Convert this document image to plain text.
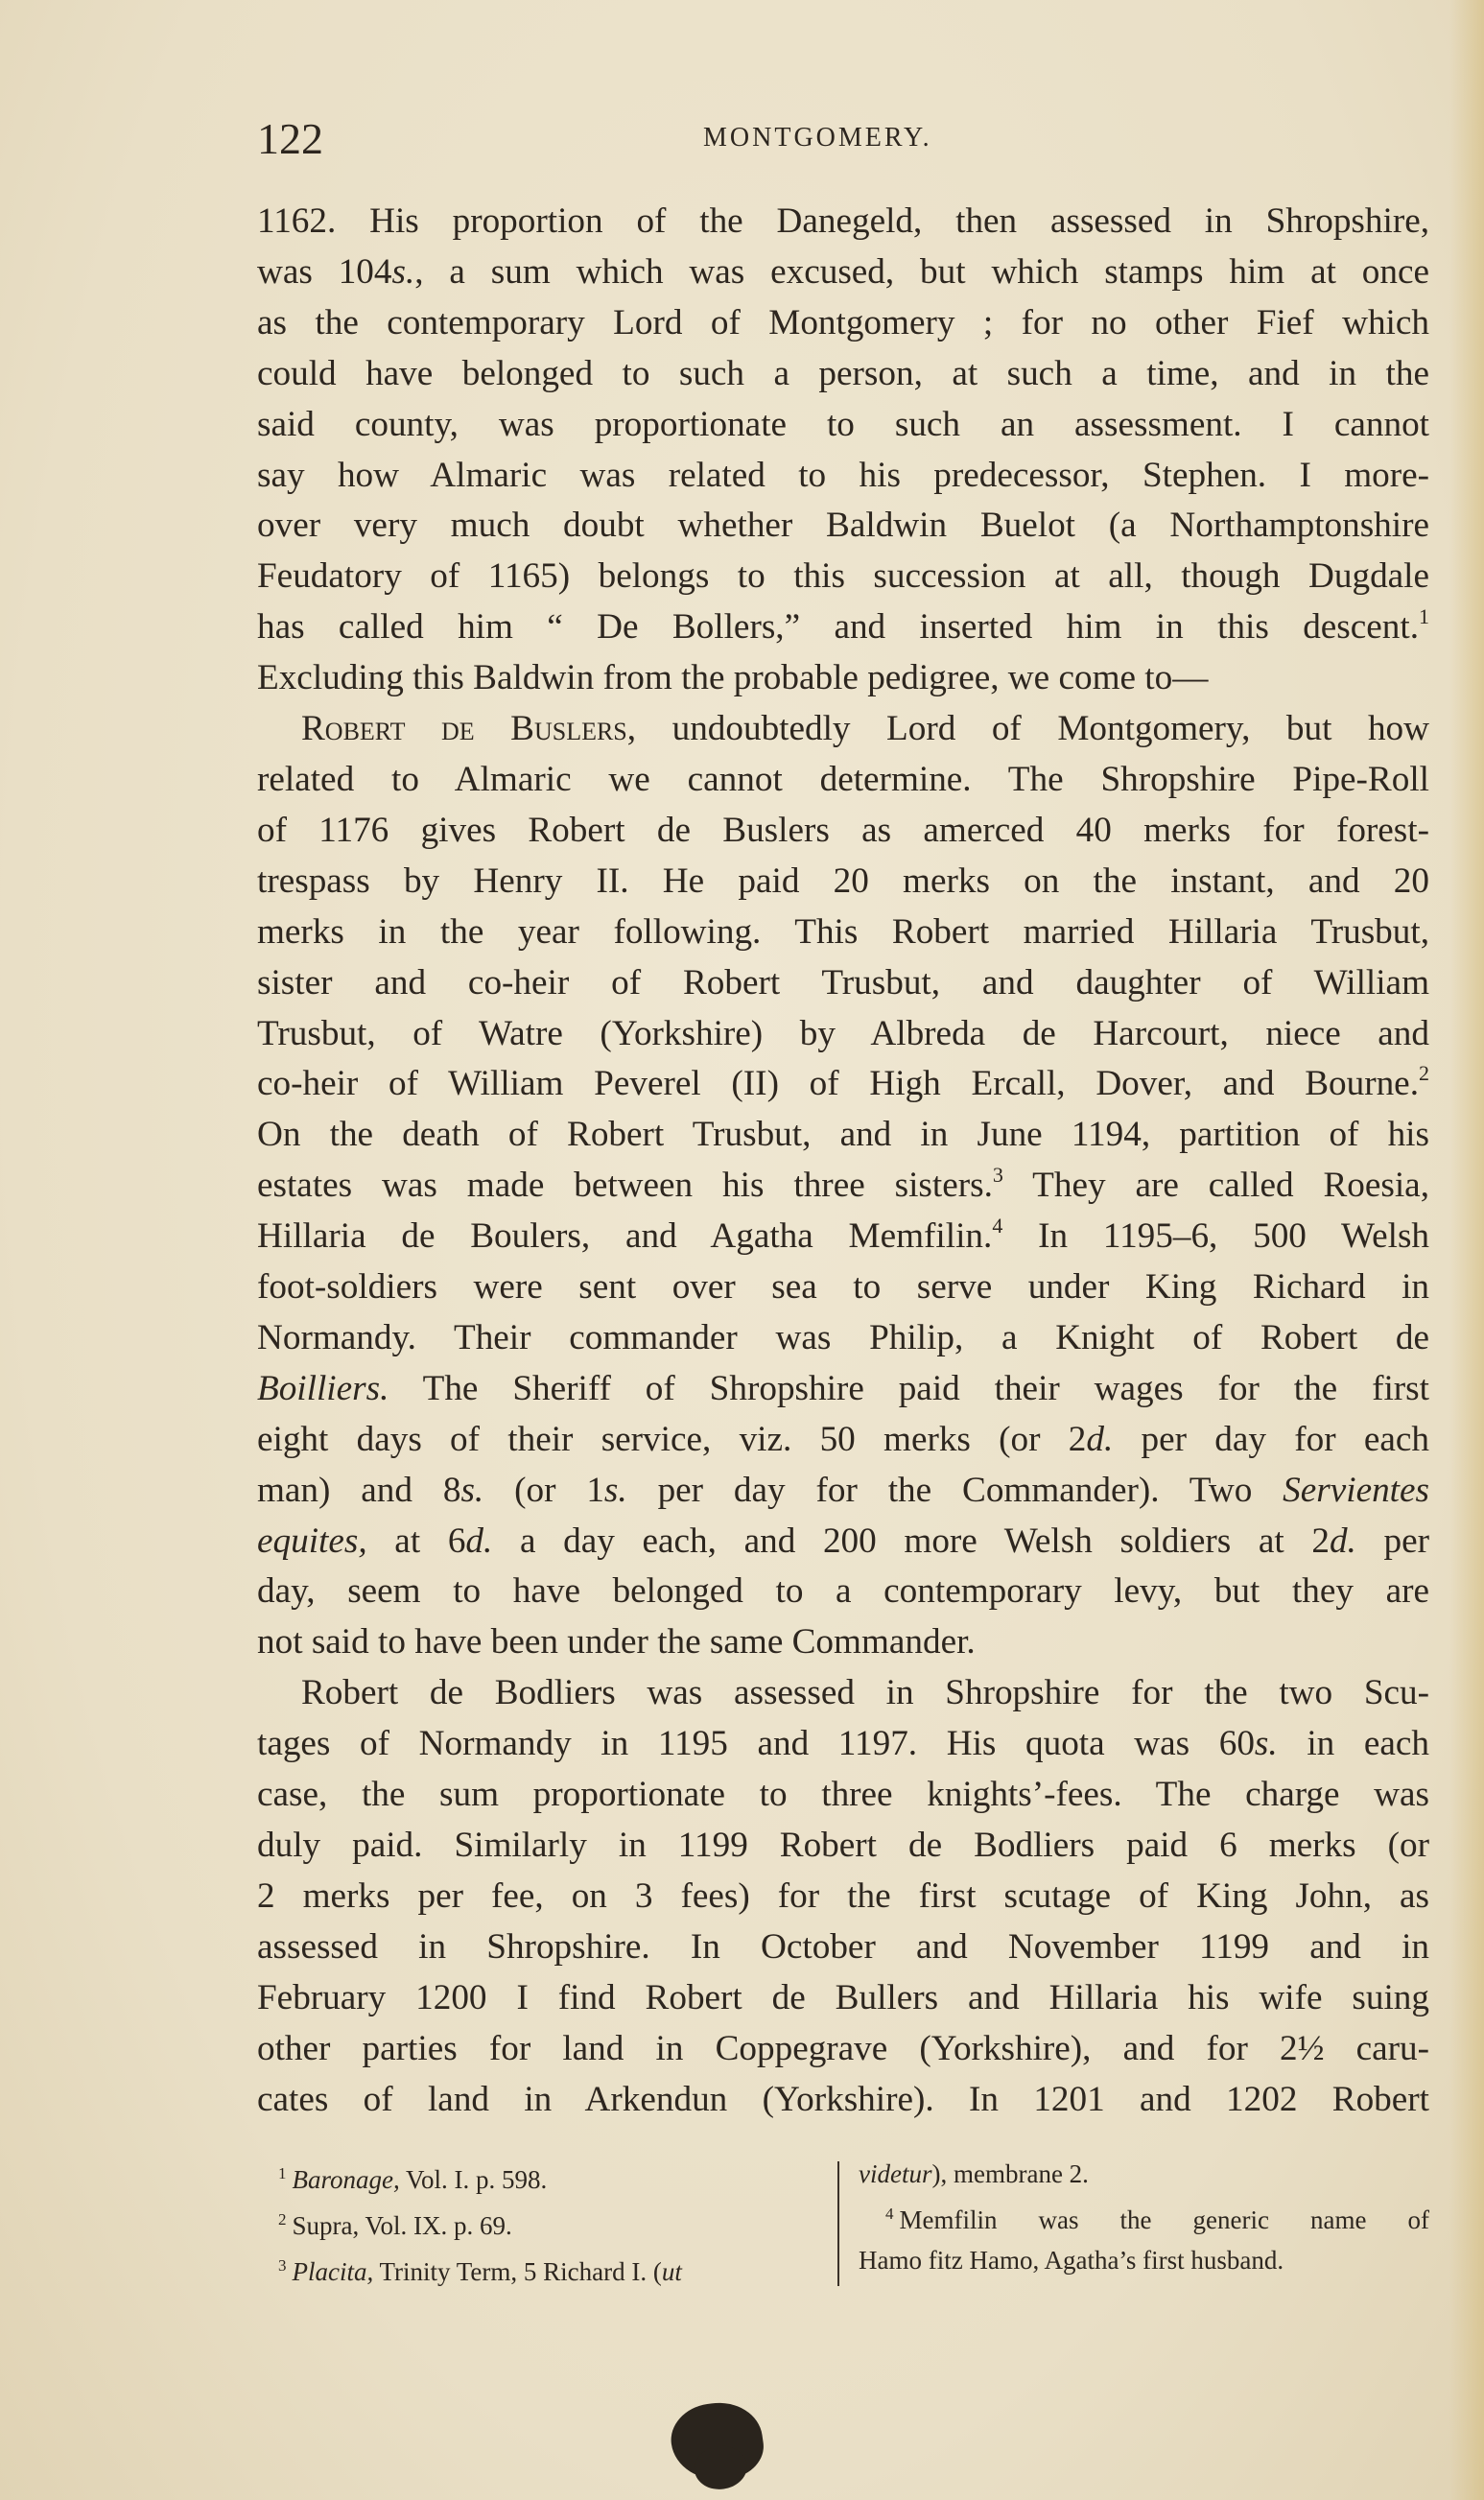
122	MONTGOMERY.
1162. His proportion of the Danegeld, then assessed in Shropshire,
was 104s., a sum which was excused, but which stamps him at once
as the contemporary Lord of Montgomery ; for no other Fief which
could have belonged to such a person, at such a time, and in the
said county, was proportionate to such an assessment. I cannot
say how Almaric was related to his predecessor, Stephen. I more-
over very much doubt whether Baldwin Buelot (a Northamptonshire
Feudatory of 1165) belongs to this succession at all, though Dugdale
has called him “ De Bollers,” and inserted him in this descent.$^1$
Excluding this Baldwin from the probable pedigree, we come to—
Robert de Buslers, undoubtedly Lord of Montgomery, but how
related to Almaric we cannot determine. The Shropshire Pipe-Roll
of 1176 gives Robert de Buslers as amerced 40 merks for forest-
trespass by Henry II. He paid 20 merks on the instant, and 20
merks in the year following. This Robert married Hillaria Trusbut,
sister and co-heir of Robert Trusbut, and daughter of William
Trusbut, of Watre (Yorkshire) by Albreda de Harcourt, niece and
co-heir of William Peverel (II) of High Ercall, Dover, and Bourne.$^2$
On the death of Robert Trusbut, and in June 1194, partition of his
estates was made between his three sisters.$^3$ They are called Roesia,
Hillaria de Boulers, and Agatha Memfilin.$^4$ In 1195–6, 500 Welsh
foot-soldiers were sent over sea to serve under King Richard in
Normandy. Their commander was Philip, a Knight of Robert de
Boilliers. The Sheriff of Shropshire paid their wages for the first
eight days of their service, viz. 50 merks (or 2d. per day for each
man) and 8s. (or 1s. per day for the Commander). Two Servientes
equites, at 6d. a day each, and 200 more Welsh soldiers at 2d. per
day, seem to have belonged to a contemporary levy, but they are
not said to have been under the same Commander.
Robert de Bodliers was assessed in Shropshire for the two Scu-
tages of Normandy in 1195 and 1197. His quota was 60s. in each
case, the sum proportionate to three knights’-fees. The charge was
duly paid. Similarly in 1199 Robert de Bodliers paid 6 merks (or
2 merks per fee, on 3 fees) for the first scutage of King John, as
assessed in Shropshire. In October and November 1199 and in
February 1200 I find Robert de Bullers and Hillaria his wife suing
other parties for land in Coppegrave (Yorkshire), and for 2½ caru-
cates of land in Arkendun (Yorkshire). In 1201 and 1202 Robert
$^1$ Baronage, Vol. I. p. 598.
$^2$ Supra, Vol. IX. p. 69.
$^3$ Placita, Trinity Term, 5 Richard I. (ut
videtur), membrane 2.
$^4$ Memfilin was the generic name of
Hamo fitz Hamo, Agatha’s first husband.
